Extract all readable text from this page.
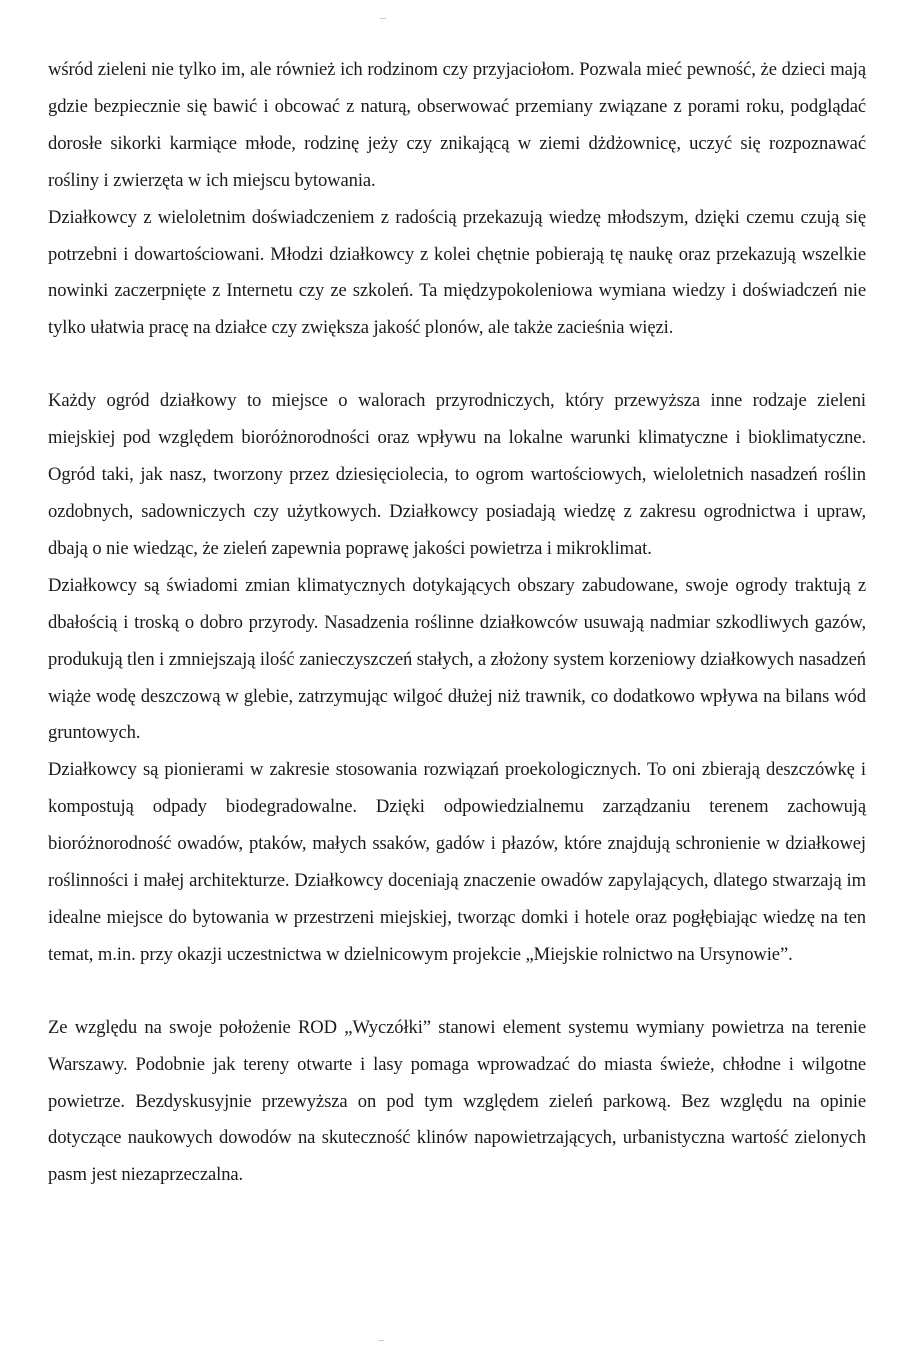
wśród zieleni nie tylko im, ale również ich rodzinom czy przyjaciołom. Pozwala mieć pewność, że dzieci mają gdzie bezpiecznie się bawić i obcować z naturą, obserwować przemiany związane z porami roku, podglądać dorosłe sikorki karmiące młode, rodzinę jeży czy znikającą w ziemi dżdżownicę, uczyć się rozpoznawać rośliny i zwierzęta w ich miejscu bytowania.

Działkowcy z wieloletnim doświadczeniem z radością przekazują wiedzę młodszym, dzięki czemu czują się potrzebni i dowartościowani. Młodzi działkowcy z kolei chętnie pobierają tę naukę oraz przekazują wszelkie nowinki zaczerpnięte z Internetu czy ze szkoleń. Ta międzypokoleniowa wymiana wiedzy i doświadczeń nie tylko ułatwia pracę na działce czy zwiększa jakość plonów, ale także zacieśnia więzi.

Każdy ogród działkowy to miejsce o walorach przyrodniczych, który przewyższa inne rodzaje zieleni miejskiej pod względem bioróżnorodności oraz wpływu na lokalne warunki klimatyczne i bioklimatyczne. Ogród taki, jak nasz, tworzony przez dziesięciolecia, to ogrom wartościowych, wieloletnich nasadzeń roślin ozdobnych, sadowniczych czy użytkowych. Działkowcy posiadają wiedzę z zakresu ogrodnictwa i upraw, dbają o nie wiedząc, że zieleń zapewnia poprawę jakości powietrza i mikroklimat.

Działkowcy są świadomi zmian klimatycznych dotykających obszary zabudowane, swoje ogrody traktują z dbałością i troską o dobro przyrody. Nasadzenia roślinne działkowców usuwają nadmiar szkodliwych gazów, produkują tlen i zmniejszają ilość zanieczyszczeń stałych, a złożony system korzeniowy działkowych nasadzeń wiąże wodę deszczową w glebie, zatrzymując wilgoć dłużej niż trawnik, co dodatkowo wpływa na bilans wód gruntowych.

Działkowcy są pionierami w zakresie stosowania rozwiązań proekologicznych. To oni zbierają deszczówkę i kompostują odpady biodegradowalne. Dzięki odpowiedzialnemu zarządzaniu terenem zachowują bioróżnorodność owadów, ptaków, małych ssaków, gadów i płazów, które znajdują schronienie w działkowej roślinności i małej architekturze. Działkowcy doceniają znaczenie owadów zapylających, dlatego stwarzają im idealne miejsce do bytowania w przestrzeni miejskiej, tworząc domki i hotele oraz pogłębiając wiedzę na ten temat, m.in. przy okazji uczestnictwa w dzielnicowym projekcie „Miejskie rolnictwo na Ursynowie”.

Ze względu na swoje położenie ROD „Wyczółki” stanowi element systemu wymiany powietrza na terenie Warszawy. Podobnie jak tereny otwarte i lasy pomaga wprowadzać do miasta świeże, chłodne i wilgotne powietrze. Bezdyskusyjnie przewyższa on pod tym względem zieleń parkową. Bez względu na opinie dotyczące naukowych dowodów na skuteczność klinów napowietrzających, urbanistyczna wartość zielonych pasm jest niezaprzeczalna.
